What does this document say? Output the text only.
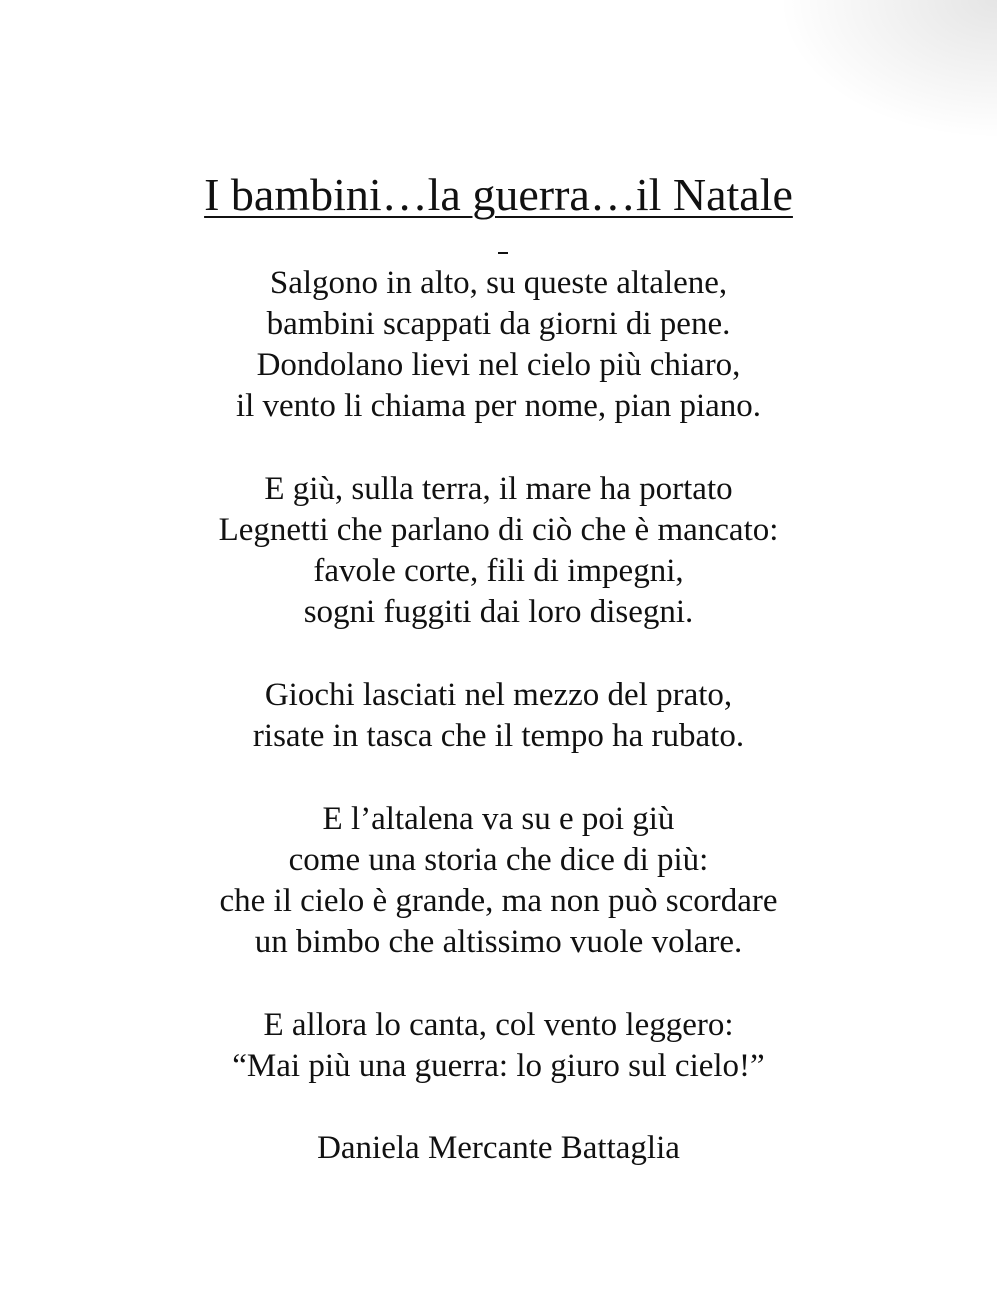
I bambini…la guerra…il Natale

Salgono in alto, su queste altalene,
bambini scappati da giorni di pene.
Dondolano lievi nel cielo più chiaro,
il vento li chiama per nome, pian piano.

E giù, sulla terra, il mare ha portato
Legnetti che parlano di ciò che è mancato:
favole corte, fili di impegni,
sogni fuggiti dai loro disegni.

Giochi lasciati nel mezzo del prato,
risate in tasca che il tempo ha rubato.

E l’altalena va su e poi giù
come una storia che dice di più:
che il cielo è grande, ma non può scordare
un bimbo che altissimo vuole volare.

E allora lo canta, col vento leggero:
“Mai più una guerra: lo giuro sul cielo!”

Daniela Mercante Battaglia
